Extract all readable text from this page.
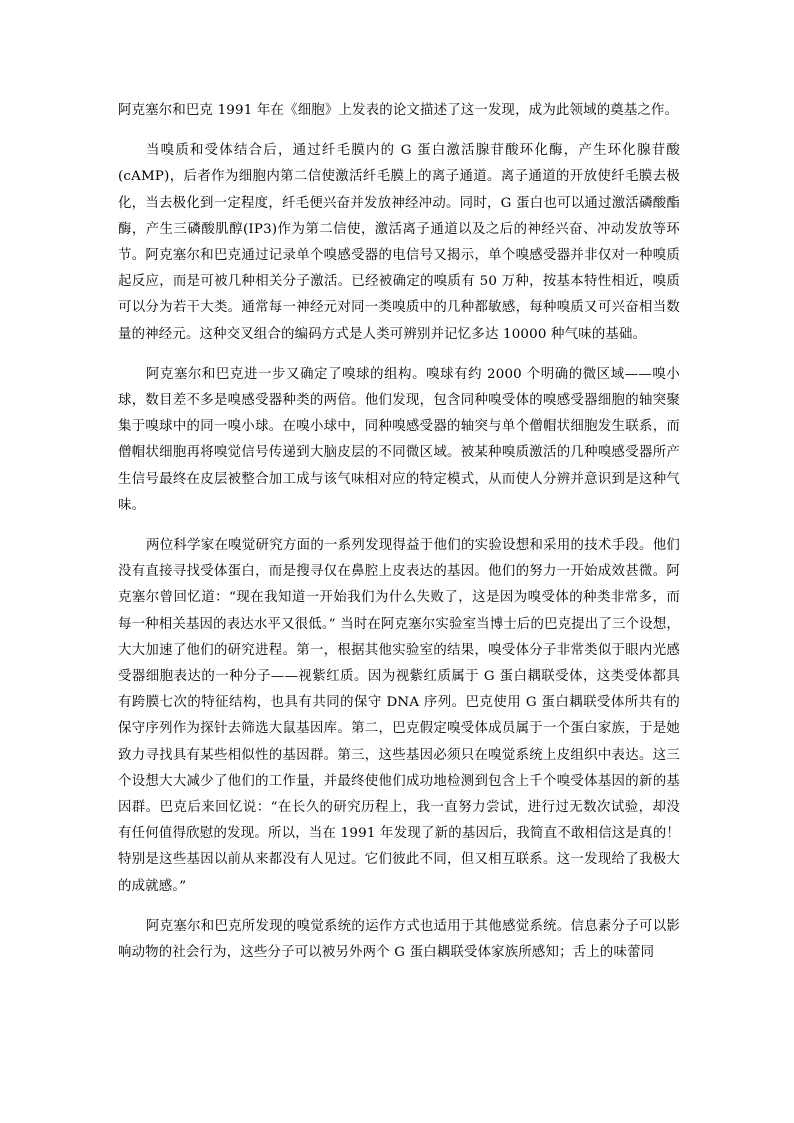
阿克塞尔和巴克 1991 年在《细胞》上发表的论文描述了这一发现，成为此领域的奠基之作。

当嗅质和受体结合后，通过纤毛膜内的 G 蛋白激活腺苷酸环化酶，产生环化腺苷酸(cAMP)，后者作为细胞内第二信使激活纤毛膜上的离子通道。离子通道的开放使纤毛膜去极化，当去极化到一定程度，纤毛便兴奋并发放神经冲动。同时，G 蛋白也可以通过激活磷酸酯酶，产生三磷酸肌醇(IP3)作为第二信使，激活离子通道以及之后的神经兴奋、冲动发放等环节。阿克塞尔和巴克通过记录单个嗅感受器的电信号又揭示，单个嗅感受器并非仅对一种嗅质起反应，而是可被几种相关分子激活。已经被确定的嗅质有 50 万种，按基本特性相近，嗅质可以分为若干大类。通常每一神经元对同一类嗅质中的几种都敏感，每种嗅质又可兴奋相当数量的神经元。这种交叉组合的编码方式是人类可辨别并记忆多达 10000 种气味的基础。

阿克塞尔和巴克进一步又确定了嗅球的组构。嗅球有约 2000 个明确的微区域——嗅小球，数目差不多是嗅感受器种类的两倍。他们发现，包含同种嗅受体的嗅感受器细胞的轴突聚集于嗅球中的同一嗅小球。在嗅小球中，同种嗅感受器的轴突与单个僧帽状细胞发生联系，而僧帽状细胞再将嗅觉信号传递到大脑皮层的不同微区域。被某种嗅质激活的几种嗅感受器所产生信号最终在皮层被整合加工成与该气味相对应的特定模式，从而使人分辨并意识到是这种气味。

两位科学家在嗅觉研究方面的一系列发现得益于他们的实验设想和采用的技术手段。他们没有直接寻找受体蛋白，而是搜寻仅在鼻腔上皮表达的基因。他们的努力一开始成效甚微。阿克塞尔曾回忆道：“现在我知道一开始我们为什么失败了，这是因为嗅受体的种类非常多，而每一种相关基因的表达水平又很低。” 当时在阿克塞尔实验室当博士后的巴克提出了三个设想，大大加速了他们的研究进程。第一，根据其他实验室的结果，嗅受体分子非常类似于眼内光感受器细胞表达的一种分子——视紫红质。因为视紫红质属于 G 蛋白耦联受体，这类受体都具有跨膜七次的特征结构，也具有共同的保守 DNA 序列。巴克使用 G 蛋白耦联受体所共有的保守序列作为探针去筛选大鼠基因库。第二，巴克假定嗅受体成员属于一个蛋白家族，于是她致力寻找具有某些相似性的基因群。第三，这些基因必须只在嗅觉系统上皮组织中表达。这三个设想大大减少了他们的工作量，并最终使他们成功地检测到包含上千个嗅受体基因的新的基因群。巴克后来回忆说：“在长久的研究历程上，我一直努力尝试，进行过无数次试验，却没有任何值得欣慰的发现。所以，当在 1991 年发现了新的基因后，我简直不敢相信这是真的！特别是这些基因以前从来都没有人见过。它们彼此不同，但又相互联系。这一发现给了我极大的成就感。”

阿克塞尔和巴克所发现的嗅觉系统的运作方式也适用于其他感觉系统。信息素分子可以影响动物的社会行为，这些分子可以被另外两个 G 蛋白耦联受体家族所感知；舌上的味蕾同
